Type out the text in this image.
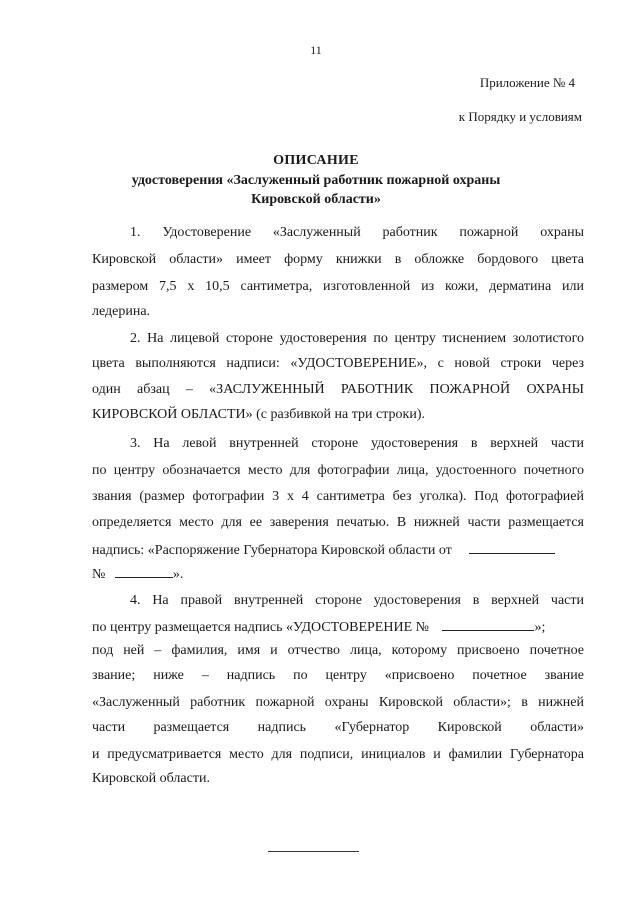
11
Приложение № 4
к Порядку и условиям
ОПИСАНИЕ
удостоверения «Заслуженный работник пожарной охраны
Кировской области»
1. Удостоверение «Заслуженный работник пожарной охраны
Кировской области» имеет форму книжки в обложке бордового цвета
размером 7,5 х 10,5 сантиметра, изготовленной из кожи, дерматина или
ледерина.
2. На лицевой стороне удостоверения по центру тиснением золотистого
цвета выполняются надписи: «УДОСТОВЕРЕНИЕ», с новой строки через
один абзац – «ЗАСЛУЖЕННЫЙ РАБОТНИК ПОЖАРНОЙ ОХРАНЫ
КИРОВСКОЙ ОБЛАСТИ» (с разбивкой на три строки).
3. На левой внутренней стороне удостоверения в верхней части
по центру обозначается место для фотографии лица, удостоенного почетного
звания (размер фотографии 3 х 4 сантиметра без уголка). Под фотографией
определяется место для ее заверения печатью. В нижней части размещается
надпись: «Распоряжение Губернатора Кировской области от
№	».
4. На правой внутренней стороне удостоверения в верхней части
по центру размещается надпись «УДОСТОВЕРЕНИЕ №	»;
под ней – фамилия, имя и отчество лица, которому присвоено почетное
звание; ниже – надпись по центру «присвоено почетное звание
«Заслуженный работник пожарной охраны Кировской области»; в нижней
части размещается надпись «Губернатор Кировской области»
и предусматривается место для подписи, инициалов и фамилии Губернатора
Кировской области.
